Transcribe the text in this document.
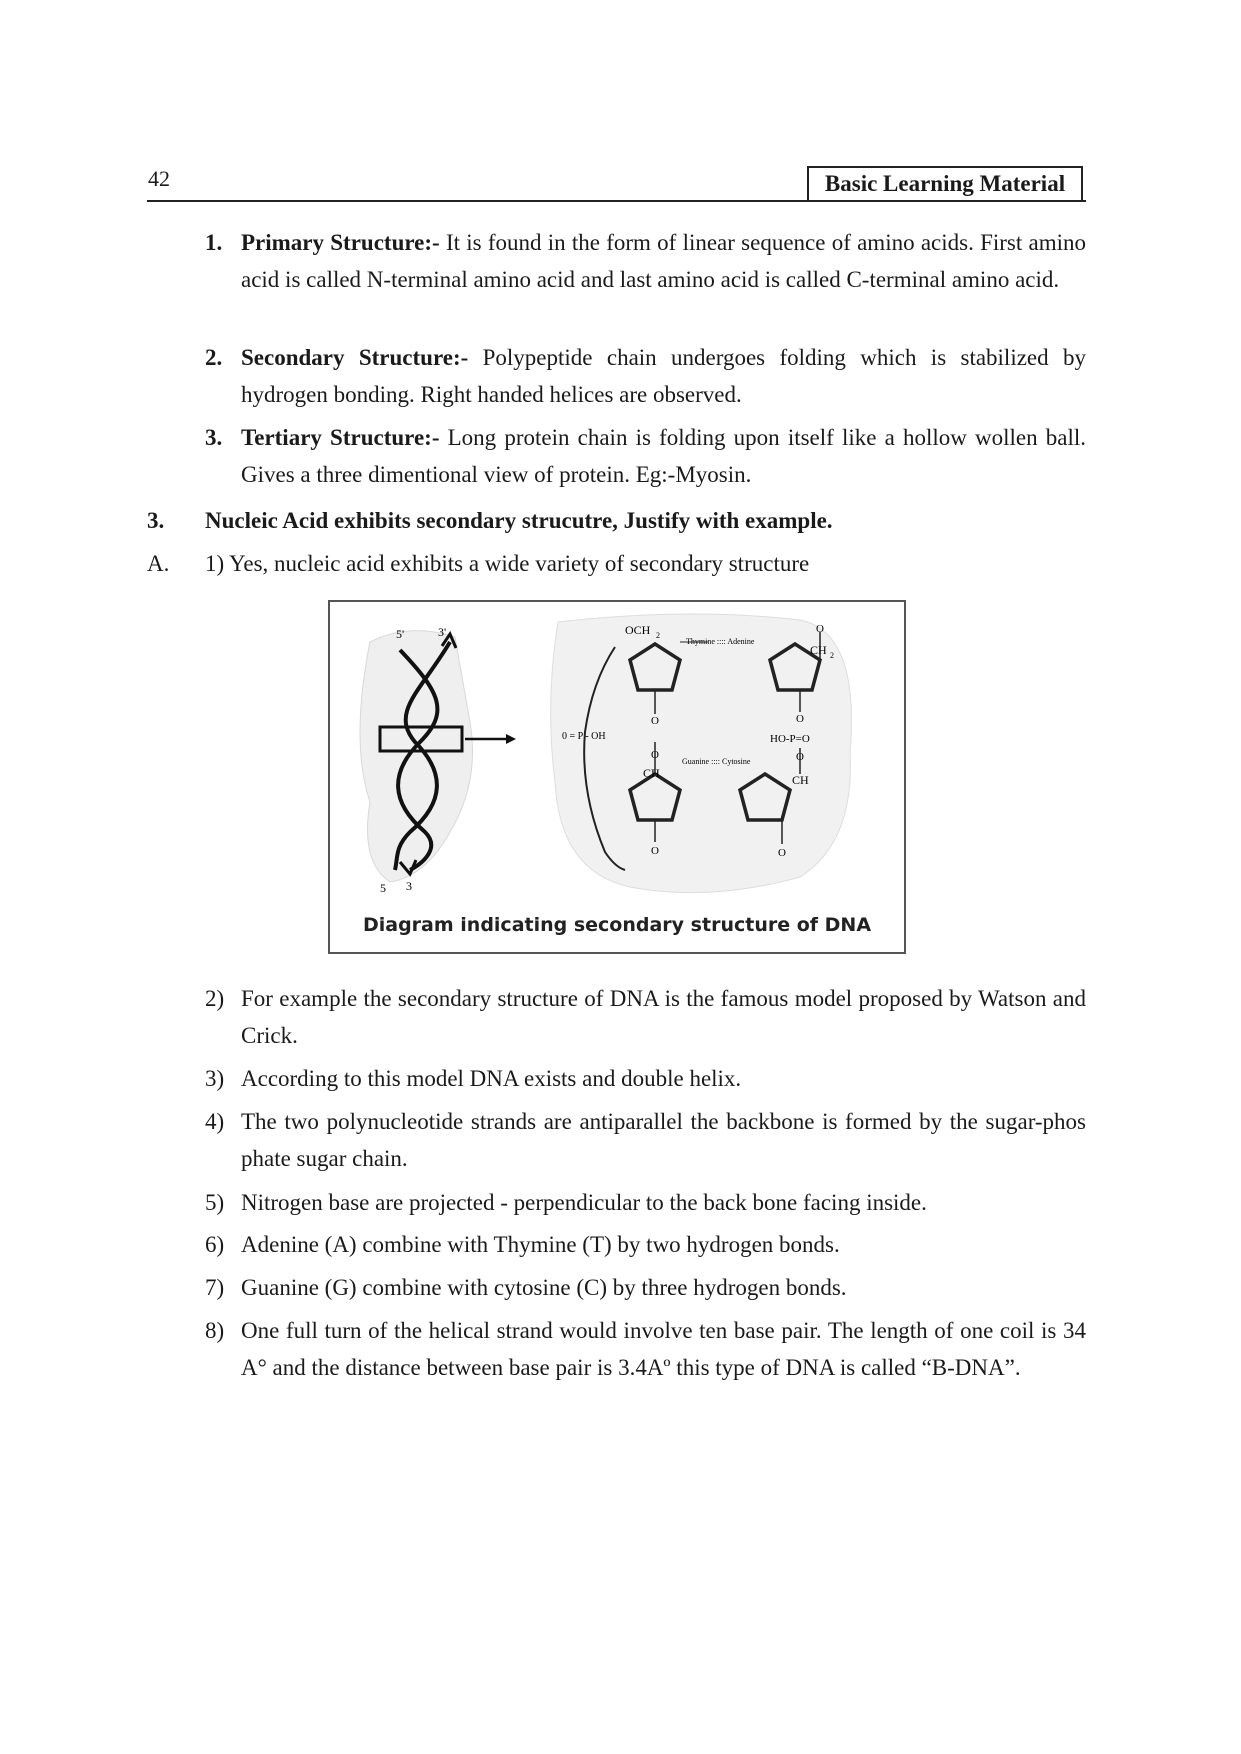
42	Basic Learning Material
1. Primary Structure:- It is found in the form of linear sequence of amino acids. First amino acid is called N-terminal amino acid and last amino acid is called C-terminal amino acid.
2. Secondary Structure:- Polypeptide chain undergoes folding which is stabilized by hydrogen bonding. Right handed helices are observed.
3. Tertiary Structure:- Long protein chain is folding upon itself like a hollow wollen ball. Gives a three dimentional view of protein. Eg:-Myosin.
3. Nucleic Acid exhibits secondary strucutre, Justify with example.
A. 1) Yes, nucleic acid exhibits a wide variety of secondary structure
5'	3'
5 3
OCH 2
Thymine :::: Adenine
O
CH 2
O
0 = P - OH
O
CH
Guanine :::: Cytosine
O
HO-P=O
O
CH
O	O
Diagram indicating secondary structure of DNA
2) For example the secondary structure of DNA is the famous model proposed by Watson and Crick.
3) According to this model DNA exists and double helix.
4) The two polynucleotide strands are antiparallel the backbone is formed by the sugar-phos phate sugar chain.
5) Nitrogen base are projected - perpendicular to the back bone facing inside.
6) Adenine (A) combine with Thymine (T) by two hydrogen bonds.
7) Guanine (G) combine with cytosine (C) by three hydrogen bonds.
8) One full turn of the helical strand would involve ten base pair. The length of one coil is 34 A° and the distance between base pair is 3.4Aº this type of DNA is called “B-DNA”.
